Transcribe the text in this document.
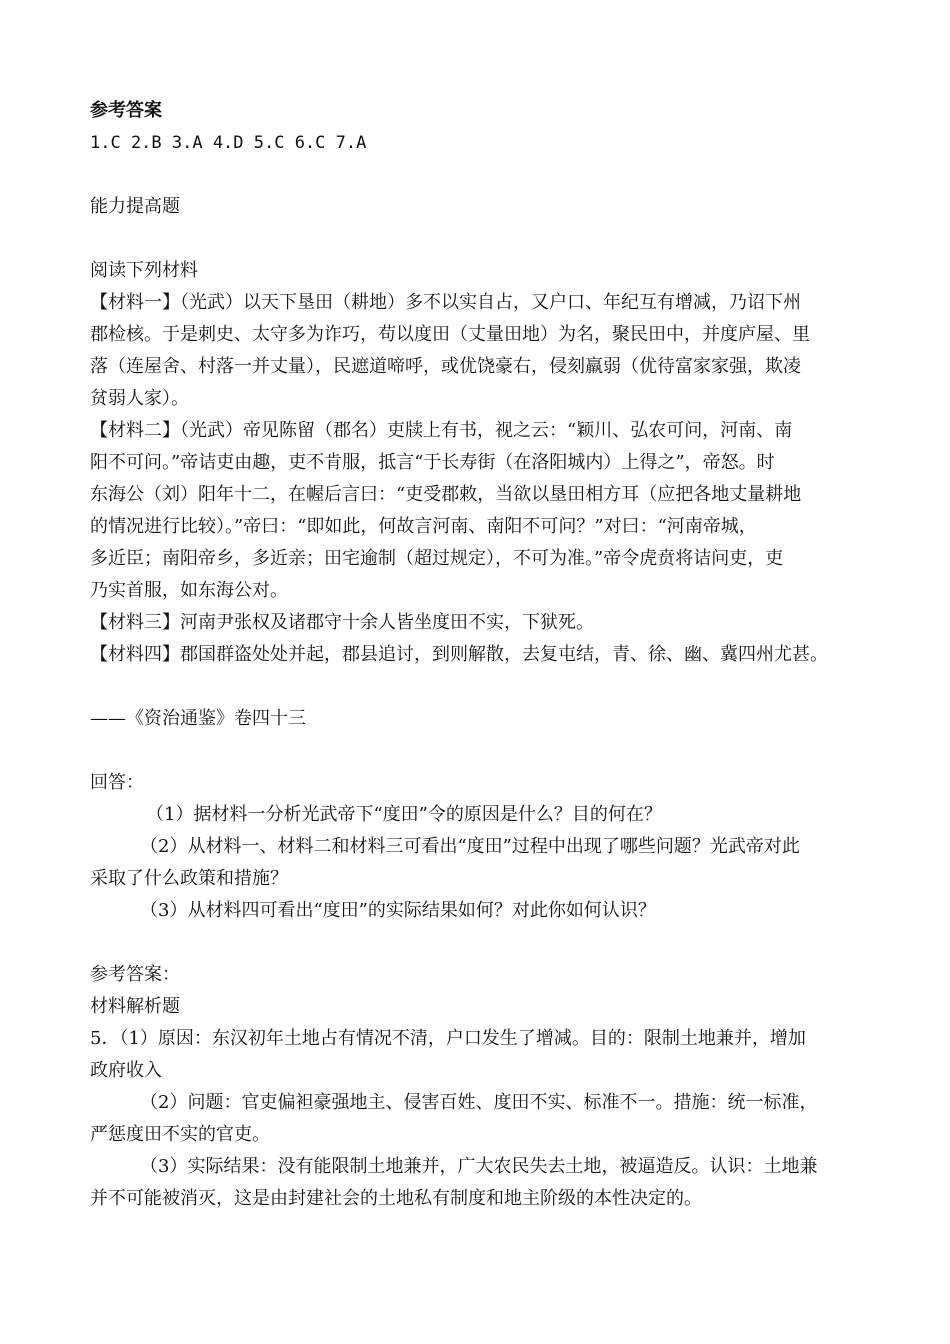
参考答案
1.C 2.B 3.A 4.D 5.C 6.C 7.A
能力提高题
阅读下列材料
【材料一】（光武）以天下垦田（耕地）多不以实自占，又户口、年纪互有增减，乃诏下州
郡检核。于是刺史、太守多为诈巧，苟以度田（丈量田地）为名，聚民田中，并度庐屋、里
落（连屋舍、村落一并丈量），民遮道啼呼，或优饶豪右，侵刻羸弱（优待富家家强，欺凌
贫弱人家）。
【材料二】（光武）帝见陈留（郡名）吏牍上有书，视之云：“颖川、弘农可问，河南、南
阳不可问。”帝诘吏由趣，吏不肯服，抵言“于长寿街（在洛阳城内）上得之”，帝怒。时
东海公（刘）阳年十二，在幄后言曰：“吏受郡敕，当欲以垦田相方耳（应把各地丈量耕地
的情况进行比较）。”帝曰：“即如此，何故言河南、南阳不可问？”对曰：“河南帝城，
多近臣；南阳帝乡，多近亲；田宅逾制（超过规定），不可为准。”帝令虎贲将诘问吏，吏
乃实首服，如东海公对。
【材料三】河南尹张权及诸郡守十余人皆坐度田不实，下狱死。
【材料四】郡国群盗处处并起，郡县追讨，到则解散，去复屯结，青、徐、幽、冀四州尤甚。
——《资治通鉴》卷四十三
回答：
（1）据材料一分析光武帝下“度田”令的原因是什么？目的何在？
（2）从材料一、材料二和材料三可看出“度田”过程中出现了哪些问题？光武帝对此
采取了什么政策和措施？
（3）从材料四可看出“度田”的实际结果如何？对此你如何认识？
参考答案：
材料解析题
5．（1）原因：东汉初年土地占有情况不清，户口发生了增减。目的：限制土地兼并，增加
政府收入
（2）问题：官吏偏袒豪强地主、侵害百姓、度田不实、标准不一。措施：统一标准，
严惩度田不实的官吏。
（3）实际结果：没有能限制土地兼并，广大农民失去土地，被逼造反。认识：土地兼
并不可能被消灭，这是由封建社会的土地私有制度和地主阶级的本性决定的。
